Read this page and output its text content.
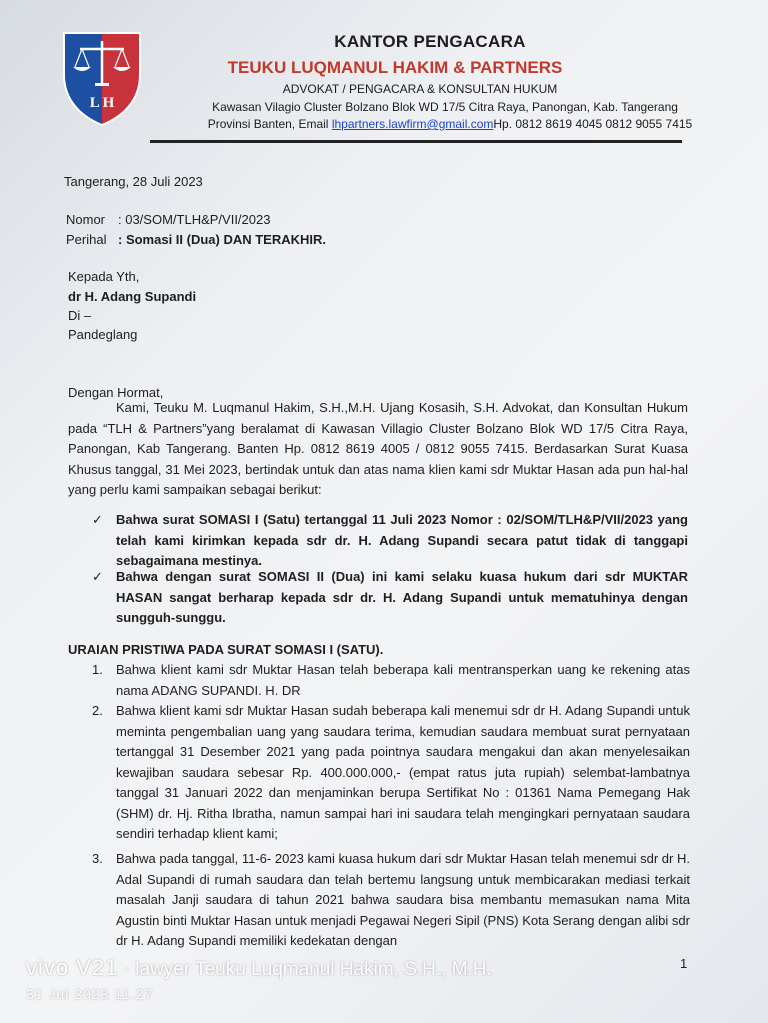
L H
KANTOR PENGACARA
TEUKU LUQMANUL HAKIM & PARTNERS
ADVOKAT / PENGACARA & KONSULTAN HUKUM
Kawasan Vilagio Cluster Bolzano Blok WD 17/5 Citra Raya, Panongan, Kab. Tangerang
Provinsi Banten, Email lhpartners.lawfirm@gmail.comHp. 0812 8619 4045 0812 9055 7415
Tangerang, 28 Juli 2023
Nomor : 03/SOM/TLH&P/VII/2023
Perihal : Somasi II (Dua) DAN TERAKHIR.
Kepada Yth,
dr H. Adang Supandi
Di –
Pandeglang
Dengan Hormat,
Kami, Teuku M. Luqmanul Hakim, S.H.,M.H. Ujang Kosasih, S.H. Advokat, dan Konsultan Hukum pada “TLH & Partners”yang beralamat di Kawasan Villagio Cluster Bolzano Blok WD 17/5 Citra Raya, Panongan, Kab Tangerang. Banten Hp. 0812 8619 4005 / 0812 9055 7415. Berdasarkan Surat Kuasa Khusus tanggal, 31 Mei 2023, bertindak untuk dan atas nama klien kami sdr Muktar Hasan ada pun hal-hal yang perlu kami sampaikan sebagai berikut:
✓ Bahwa surat SOMASI I (Satu) tertanggal 11 Juli 2023 Nomor : 02/SOM/TLH&P/VII/2023 yang telah kami kirimkan kepada sdr dr. H. Adang Supandi secara patut tidak di tanggapi sebagaimana mestinya.
✓ Bahwa dengan surat SOMASI II (Dua) ini kami selaku kuasa hukum dari sdr MUKTAR HASAN sangat berharap kepada sdr dr. H. Adang Supandi untuk mematuhinya dengan sungguh-sunggu.
URAIAN PRISTIWA PADA SURAT SOMASI I (SATU).
1. Bahwa klient kami sdr Muktar Hasan telah beberapa kali mentransperkan uang ke rekening atas nama ADANG SUPANDI. H. DR
2. Bahwa klient kami sdr Muktar Hasan sudah beberapa kali menemui sdr dr H. Adang Supandi untuk meminta pengembalian uang yang saudara terima, kemudian saudara membuat surat pernyataan tertanggal 31 Desember 2021 yang pada pointnya saudara mengakui dan akan menyelesaikan kewajiban saudara sebesar Rp. 400.000.000,- (empat ratus juta rupiah) selembat-lambatnya tanggal 31 Januari 2022 dan menjaminkan berupa Sertifikat No : 01361 Nama Pemegang Hak (SHM) dr. Hj. Ritha Ibratha, namun sampai hari ini saudara telah mengingkari pernyataan saudara sendiri terhadap klient kami;
3. Bahwa pada tanggal, 11-6- 2023 kami kuasa hukum dari sdr Muktar Hasan telah menemui sdr dr H. Adal Supandi di rumah saudara dan telah bertemu langsung untuk membicarakan mediasi terkait masalah Janji saudara di tahun 2021 bahwa saudara bisa membantu memasukan nama Mita Agustin binti Muktar Hasan untuk menjadi Pegawai Negeri Sipil (PNS) Kota Serang dengan alibi sdr dr H. Adang Supandi memiliki kedekatan dengan
1
vivo V21 · lawyer Teuku Luqmanul Hakim, S.H., M.H.
31 Jul 2023 11.27
